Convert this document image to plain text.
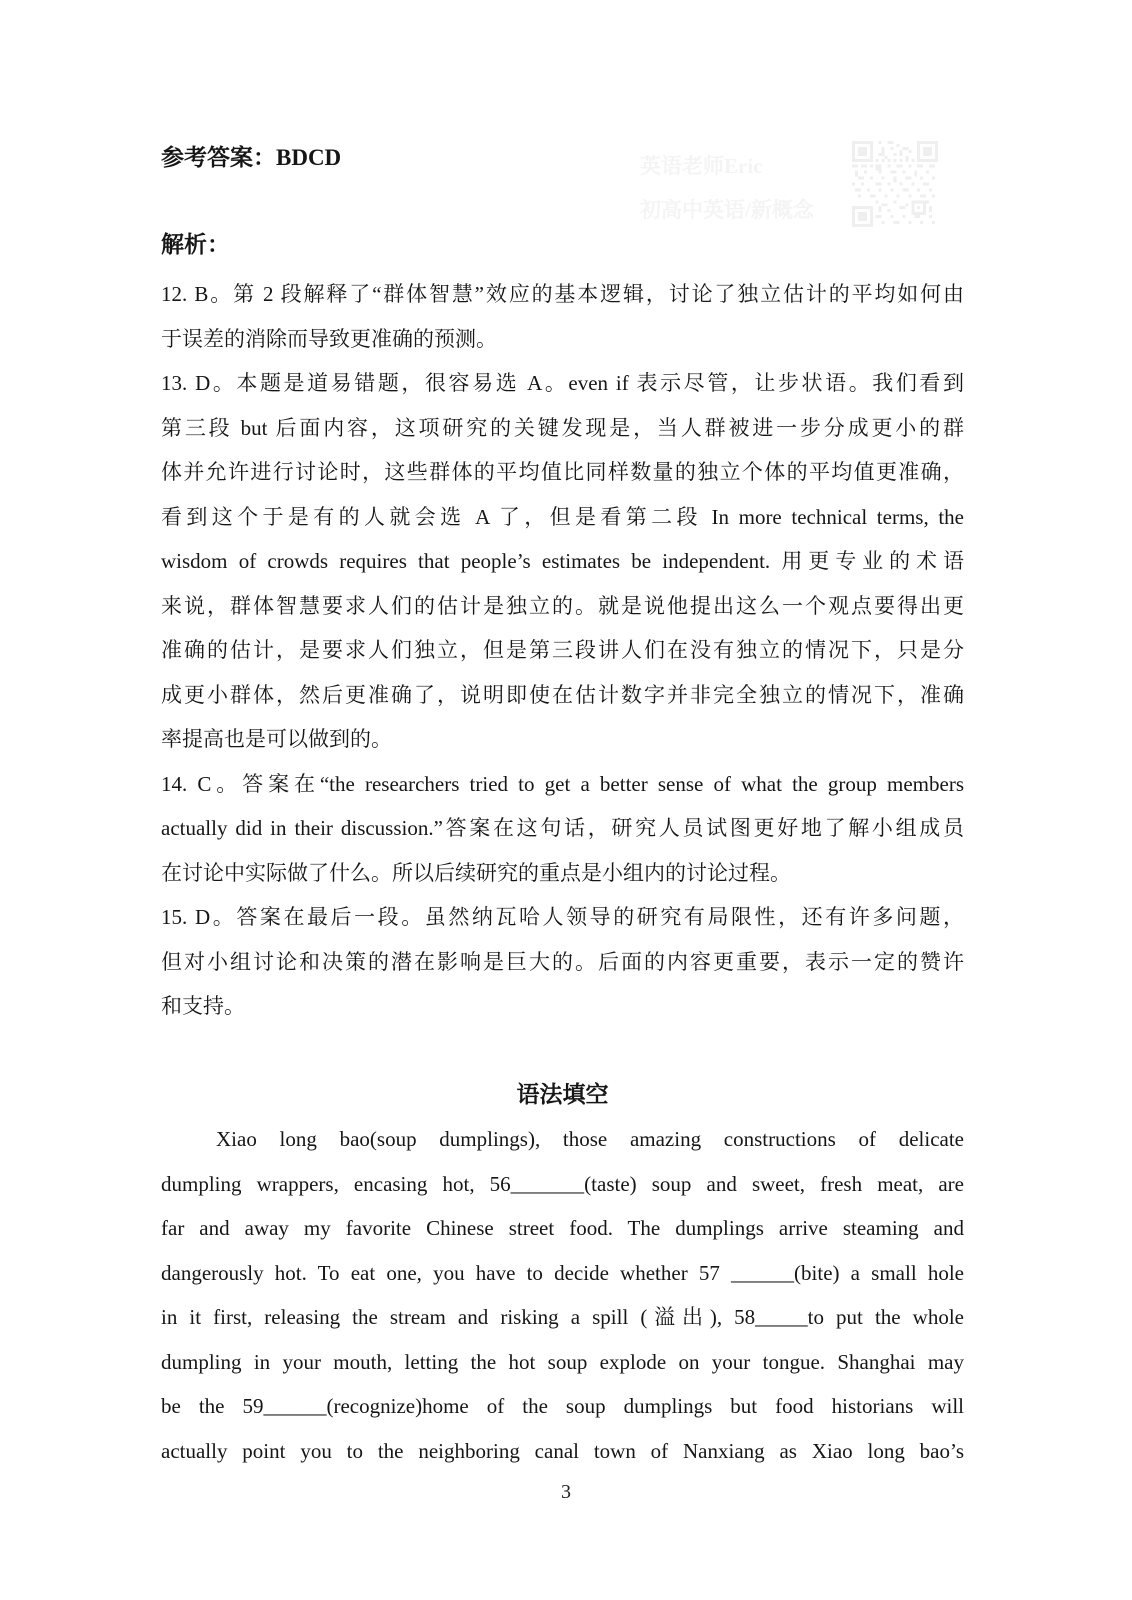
英语老师Eric
初高中英语/新概念
参考答案：BDCD
解析：
12. B。第 2 段解释了“群体智慧”效应的基本逻辑，讨论了独立估计的平均如何由
于误差的消除而导致更准确的预测。
13. D。本题是道易错题，很容易选 A。even if 表示尽管，让步状语。我们看到
第三段 but 后面内容，这项研究的关键发现是，当人群被进一步分成更小的群
体并允许进行讨论时，这些群体的平均值比同样数量的独立个体的平均值更准确，
看到这个于是有的人就会选 A 了，但是看第二段 In more technical terms, the
wisdom of crowds requires that people’s estimates be independent. 用更专业的术语
来说，群体智慧要求人们的估计是独立的。就是说他提出这么一个观点要得出更
准确的估计，是要求人们独立，但是第三段讲人们在没有独立的情况下，只是分
成更小群体，然后更准确了，说明即使在估计数字并非完全独立的情况下，准确
率提高也是可以做到的。
14. C。答案在“the researchers tried to get a better sense of what the group members
actually did in their discussion.”答案在这句话，研究人员试图更好地了解小组成员
在讨论中实际做了什么。所以后续研究的重点是小组内的讨论过程。
15. D。答案在最后一段。虽然纳瓦哈人领导的研究有局限性，还有许多问题，
但对小组讨论和决策的潜在影响是巨大的。后面的内容更重要，表示一定的赞许
和支持。
语法填空
Xiao long bao(soup dumplings), those amazing constructions of delicate
dumpling wrappers, encasing hot, 56_______(taste) soup and sweet, fresh meat, are
far and away my favorite Chinese street food. The dumplings arrive steaming and
dangerously hot. To eat one, you have to decide whether 57 ______(bite) a small hole
in it first, releasing the stream and risking a spill (溢出), 58_____to put the whole
dumpling in your mouth, letting the hot soup explode on your tongue. Shanghai may
be the 59______(recognize)home of the soup dumplings but food historians will
actually point you to the neighboring canal town of Nanxiang as Xiao long bao’s
3
